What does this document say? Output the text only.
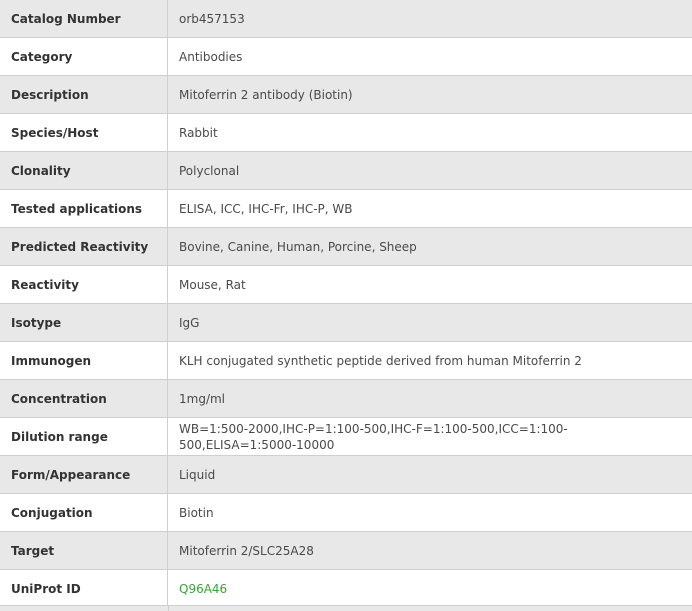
Catalog Number	orb457153
Category	Antibodies
Description	Mitoferrin 2 antibody (Biotin)
Species/Host	Rabbit
Clonality	Polyclonal
Tested applications	ELISA, ICC, IHC-Fr, IHC-P, WB
Predicted Reactivity	Bovine, Canine, Human, Porcine, Sheep
Reactivity	Mouse, Rat
Isotype	IgG
Immunogen	KLH conjugated synthetic peptide derived from human Mitoferrin 2
Concentration	1mg/ml
Dilution range	WB=1:500-2000,IHC-P=1:100-500,IHC-F=1:100-500,ICC=1:100-500,ELISA=1:5000-10000
Form/Appearance	Liquid
Conjugation	Biotin
Target	Mitoferrin 2/SLC25A28
UniProt ID	Q96A46
